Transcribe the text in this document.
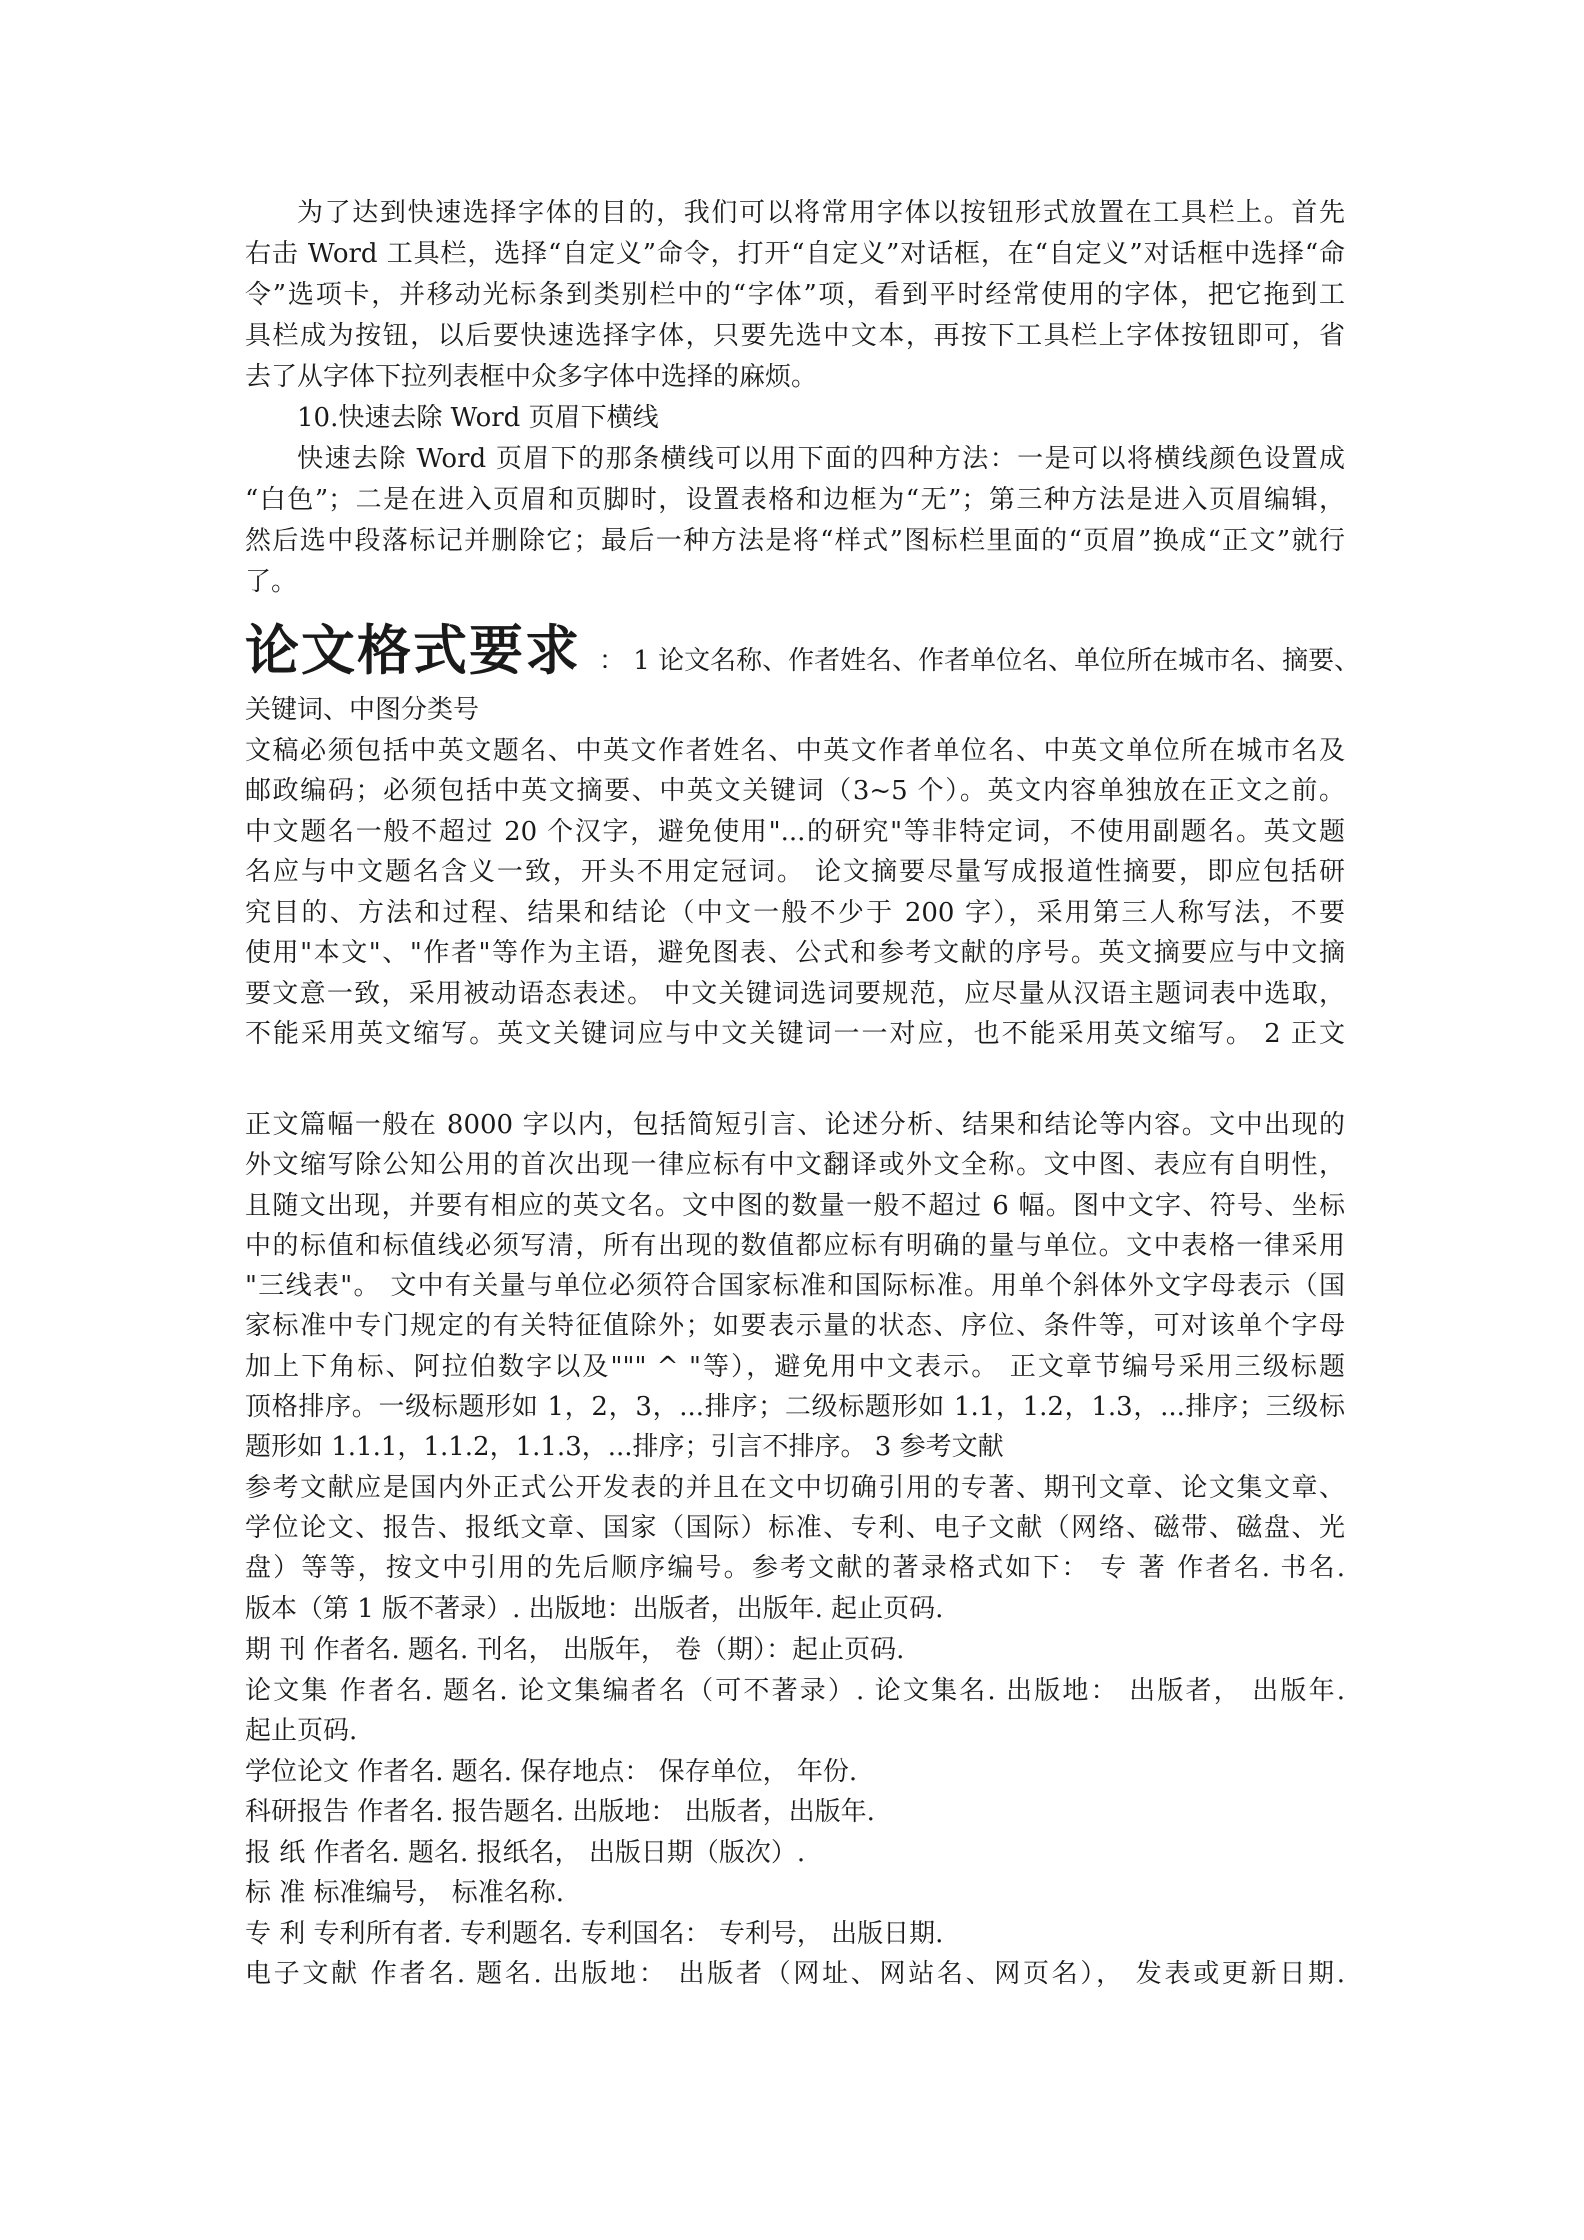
为了达到快速选择字体的目的，我们可以将常用字体以按钮形式放置在工具栏上。首先
右击 Word 工具栏，选择“自定义”命令，打开“自定义”对话框，在“自定义”对话框中选择“命
令”选项卡，并移动光标条到类别栏中的“字体”项，看到平时经常使用的字体，把它拖到工
具栏成为按钮，以后要快速选择字体，只要先选中文本，再按下工具栏上字体按钮即可，省
去了从字体下拉列表框中众多字体中选择的麻烦。
10.快速去除 Word 页眉下横线
快速去除 Word 页眉下的那条横线可以用下面的四种方法：一是可以将横线颜色设置成
“白色”；二是在进入页眉和页脚时，设置表格和边框为“无”；第三种方法是进入页眉编辑，
然后选中段落标记并删除它；最后一种方法是将“样式”图标栏里面的“页眉”换成“正文”就行
了。
论文格式要求 ： 1 论文名称、作者姓名、作者单位名、单位所在城市名、摘要、
关键词、中图分类号
文稿必须包括中英文题名、中英文作者姓名、中英文作者单位名、中英文单位所在城市名及
邮政编码；必须包括中英文摘要、中英文关键词（3~5 个）。英文内容单独放在正文之前。
中文题名一般不超过 20 个汉字，避免使用"...的研究"等非特定词，不使用副题名。英文题
名应与中文题名含义一致，开头不用定冠词。 论文摘要尽量写成报道性摘要，即应包括研
究目的、方法和过程、结果和结论（中文一般不少于 200 字），采用第三人称写法，不要
使用"本文"、"作者"等作为主语，避免图表、公式和参考文献的序号。英文摘要应与中文摘
要文意一致，采用被动语态表述。 中文关键词选词要规范，应尽量从汉语主题词表中选取，
不能采用英文缩写。英文关键词应与中文关键词一一对应，也不能采用英文缩写。 2 正文
正文篇幅一般在 8000 字以内，包括简短引言、论述分析、结果和结论等内容。文中出现的
外文缩写除公知公用的首次出现一律应标有中文翻译或外文全称。文中图、表应有自明性，
且随文出现，并要有相应的英文名。文中图的数量一般不超过 6 幅。图中文字、符号、坐标
中的标值和标值线必须写清，所有出现的数值都应标有明确的量与单位。文中表格一律采用
"三线表"。 文中有关量与单位必须符合国家标准和国际标准。用单个斜体外文字母表示（国
家标准中专门规定的有关特征值除外；如要表示量的状态、序位、条件等，可对该单个字母
加上下角标、阿拉伯数字以及""" ^ "等），避免用中文表示。 正文章节编号采用三级标题
顶格排序。一级标题形如 1，2，3，...排序；二级标题形如 1.1，1.2，1.3，...排序；三级标
题形如 1.1.1，1.1.2，1.1.3，...排序；引言不排序。 3 参考文献
参考文献应是国内外正式公开发表的并且在文中切确引用的专著、期刊文章、论文集文章、
学位论文、报告、报纸文章、国家（国际）标准、专利、电子文献（网络、磁带、磁盘、光
盘）等等，按文中引用的先后顺序编号。参考文献的著录格式如下： 专 著 作者名. 书名.
版本（第 1 版不著录）. 出版地：出版者，出版年. 起止页码.
期 刊 作者名. 题名. 刊名， 出版年， 卷（期）：起止页码.
论文集 作者名. 题名. 论文集编者名（可不著录）. 论文集名. 出版地： 出版者， 出版年.
起止页码.
学位论文 作者名. 题名. 保存地点： 保存单位， 年份.
科研报告 作者名. 报告题名. 出版地： 出版者，出版年.
报 纸 作者名. 题名. 报纸名， 出版日期（版次）.
标 准 标准编号， 标准名称.
专 利 专利所有者. 专利题名. 专利国名： 专利号， 出版日期.
电子文献 作者名. 题名. 出版地： 出版者（网址、网站名、网页名）， 发表或更新日期.
